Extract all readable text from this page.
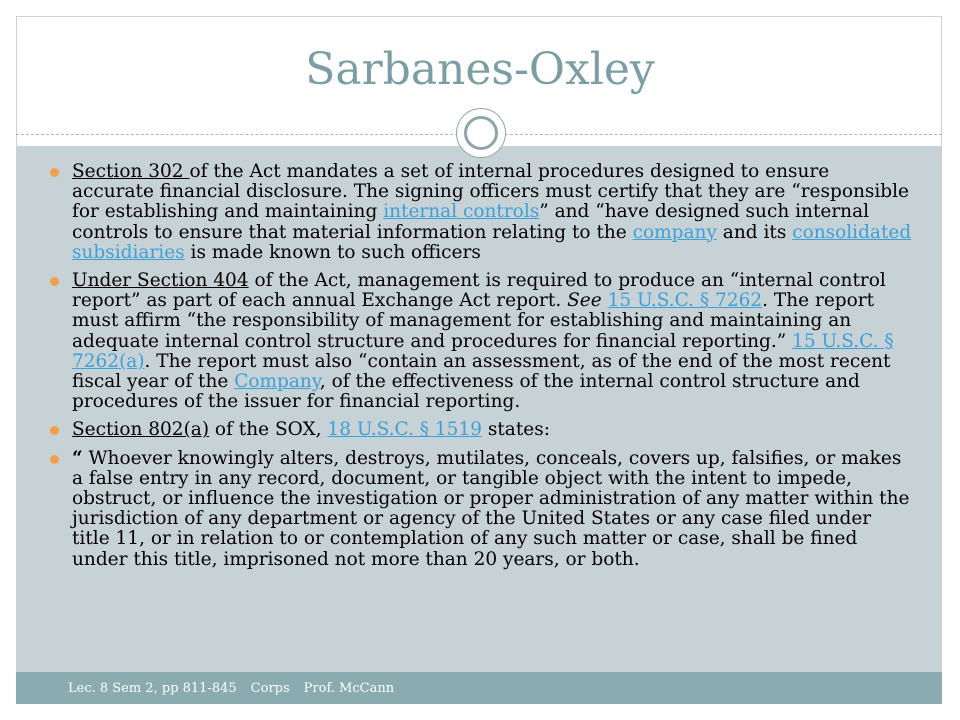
Sarbanes-Oxley
Section 302 of the Act mandates a set of internal procedures designed to ensure accurate financial disclosure. The signing officers must certify that they are “responsible for establishing and maintaining internal controls” and “have designed such internal controls to ensure that material information relating to the company and its consolidated subsidiaries is made known to such officers
Under Section 404 of the Act, management is required to produce an “internal control report” as part of each annual Exchange Act report. See 15 U.S.C. § 7262. The report must affirm “the responsibility of management for establishing and maintaining an adequate internal control structure and procedures for financial reporting.” 15 U.S.C. § 7262(a). The report must also “contain an assessment, as of the end of the most recent fiscal year of the Company, of the effectiveness of the internal control structure and procedures of the issuer for financial reporting.
Section 802(a) of the SOX, 18 U.S.C. § 1519 states:
“ Whoever knowingly alters, destroys, mutilates, conceals, covers up, falsifies, or makes a false entry in any record, document, or tangible object with the intent to impede, obstruct, or influence the investigation or proper administration of any matter within the jurisdiction of any department or agency of the United States or any case filed under title 11, or in relation to or contemplation of any such matter or case, shall be fined under this title, imprisoned not more than 20 years, or both.
Lec. 8 Sem 2, pp 811-845 Corps Prof. McCann
